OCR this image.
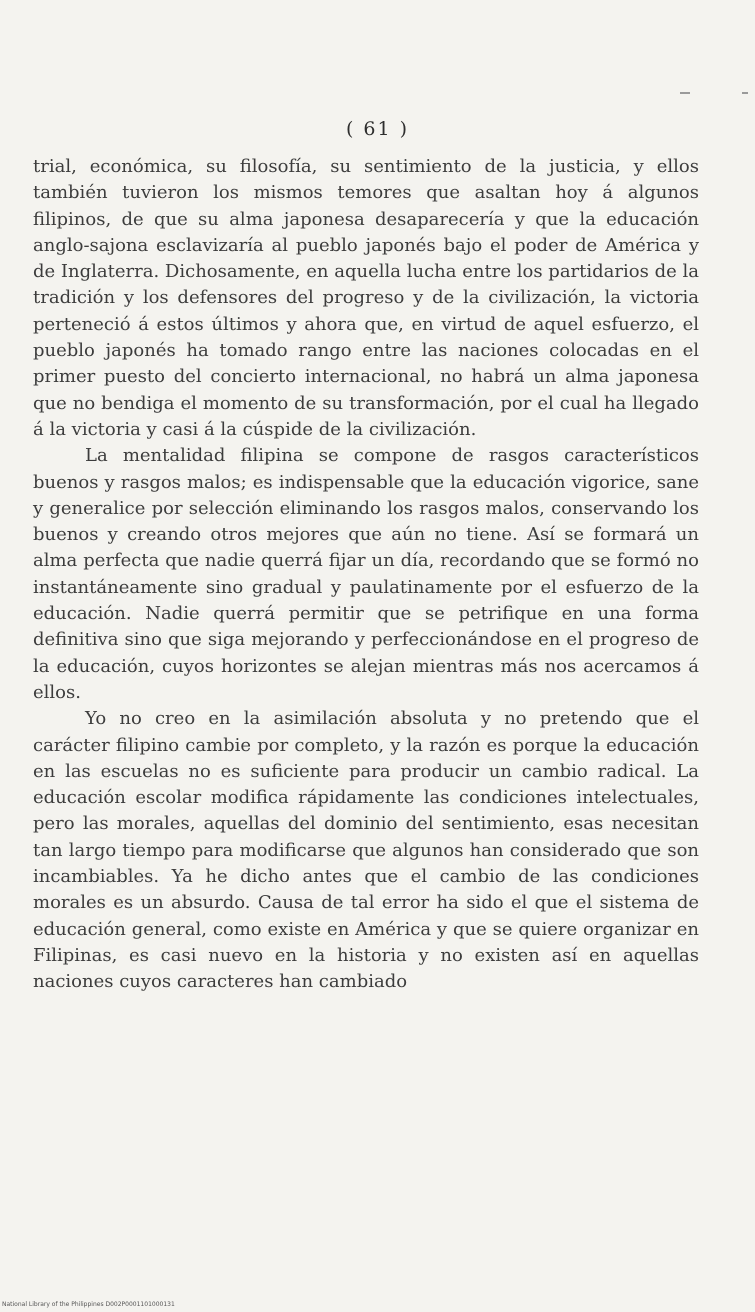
( 61 )

trial, económica, su filosofía, su sentimiento de la justicia, y ellos también tuvieron los mismos temores que asaltan hoy á algunos filipinos, de que su alma japonesa desaparecería y que la educación anglo-sajona esclavizaría al pueblo japonés bajo el poder de América y de Inglaterra. Dichosamente, en aquella lucha entre los partidarios de la tradición y los defensores del progreso y de la civilización, la victoria perteneció á estos últimos y ahora que, en virtud de aquel esfuerzo, el pueblo japonés ha tomado rango entre las naciones colocadas en el primer puesto del concierto internacional, no habrá un alma japonesa que no bendiga el momento de su transformación, por el cual ha llegado á la victoria y casi á la cúspide de la civilización.

La mentalidad filipina se compone de rasgos característicos buenos y rasgos malos; es indispensable que la educación vigorice, sane y generalice por selección eliminando los rasgos malos, conservando los buenos y creando otros mejores que aún no tiene. Así se formará un alma perfecta que nadie querrá fijar un día, recordando que se formó no instantáneamente sino gradual y paulatinamente por el esfuerzo de la educación. Nadie querrá permitir que se petrifique en una forma definitiva sino que siga mejorando y perfeccionándose en el progreso de la educación, cuyos horizontes se alejan mientras más nos acercamos á ellos.

Yo no creo en la asimilación absoluta y no pretendo que el carácter filipino cambie por completo, y la razón es porque la educación en las escuelas no es suficiente para producir un cambio radical. La educación escolar modifica rápidamente las condiciones intelectuales, pero las morales, aquellas del dominio del sentimiento, esas necesitan tan largo tiempo para modificarse que algunos han considerado que son incambiables. Ya he dicho antes que el cambio de las condiciones morales es un absurdo. Causa de tal error ha sido el que el sistema de educación general, como existe en América y que se quiere organizar en Filipinas, es casi nuevo en la historia y no existen así en aquellas naciones cuyos caracteres han cambiado

National Library of the Philippines D002P0001101000131
